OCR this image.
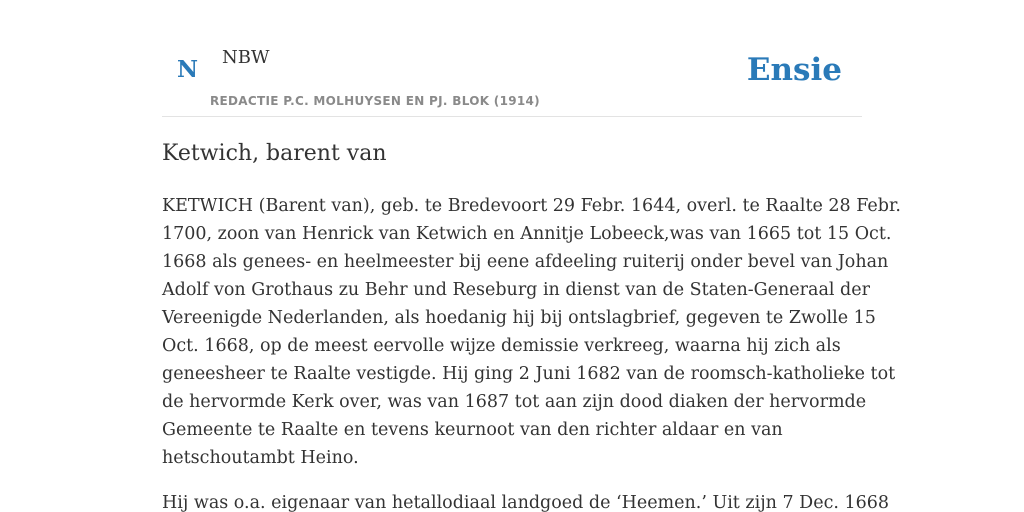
N NBW
REDACTIE P.C. MOLHUYSEN EN PJ. BLOK (1914)
Ensie
Ketwich, barent van

KETWICH (Barent van), geb. te Bredevoort 29 Febr. 1644, overl. te Raalte 28 Febr.

1700, zoon van Henrick van Ketwich en Annitje Lobeeck,was van 1665 tot 15 Oct.

1668 als genees- en heelmeester bij eene afdeeling ruiterij onder bevel van Johan

Adolf von Grothaus zu Behr und Reseburg in dienst van de Staten-Generaal der

Vereenigde Nederlanden, als hoedanig hij bij ontslagbrief, gegeven te Zwolle 15

Oct. 1668, op de meest eervolle wijze demissie verkreeg, waarna hij zich als

geneesheer te Raalte vestigde. Hij ging 2 Juni 1682 van de roomsch-katholieke tot

de hervormde Kerk over, was van 1687 tot aan zijn dood diaken der hervormde

Gemeente te Raalte en tevens keurnoot van den richter aldaar en van

hetschoutambt Heino.

Hij was o.a. eigenaar van hetallodiaal landgoed de ‘Heemen.’ Uit zijn 7 Dec. 1668
